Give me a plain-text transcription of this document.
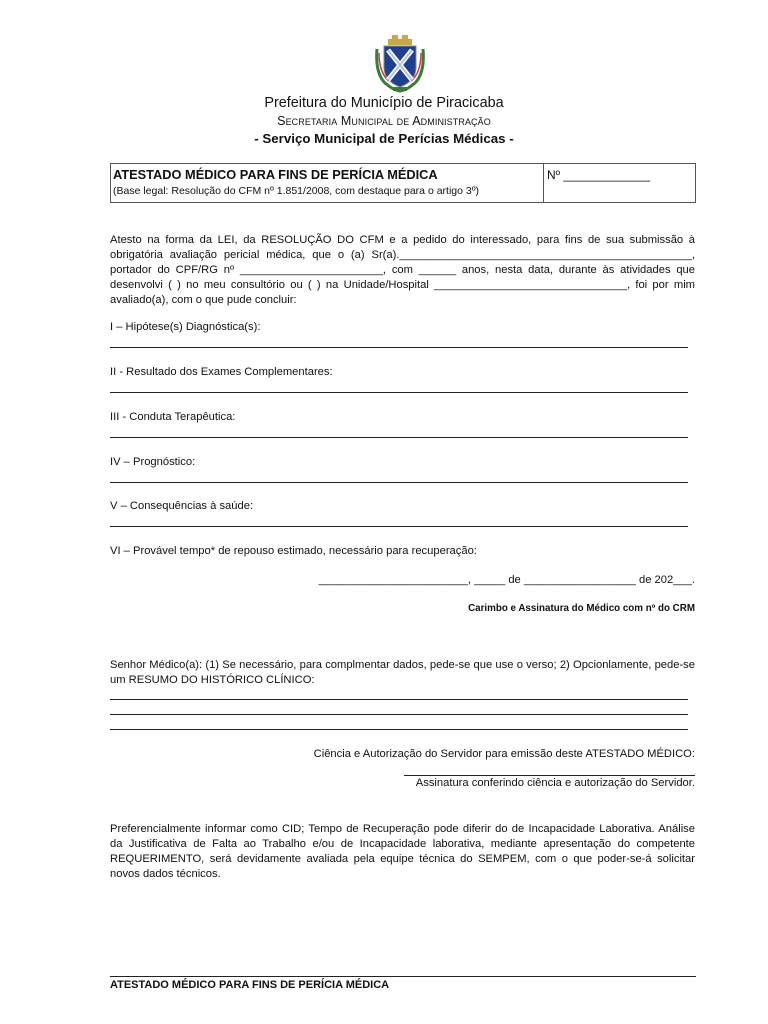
Prefeitura do Município de Piracicaba
Secretaria Municipal de Administração
- Serviço Municipal de Perícias Médicas -
ATESTADO MÉDICO PARA FINS DE PERÍCIA MÉDICA
(Base legal: Resolução do CFM nº 1.851/2008, com destaque para o artigo 3º)
Nº _____________
Atesto na forma da LEI, da RESOLUÇÃO DO CFM e a pedido do interessado, para fins de sua submissão à obrigatória avaliação pericial médica, que o (a) Sr(a)._______________________________________________, portador do CPF/RG nº _______________________, com ______ anos, nesta data, durante às atividades que desenvolvi ( ) no meu consultório ou ( ) na Unidade/Hospital _______________________________, foi por mim avaliado(a), com o que pude concluir:
I – Hipótese(s) Diagnóstica(s):
II - Resultado dos Exames Complementares:
III - Conduta Terapêutica:
IV – Prognóstico:
V – Consequências à saúde:
VI – Provável tempo* de repouso estimado, necessário para recuperação:
________________________, _____ de __________________ de 202___.
Carimbo e Assinatura do Médico com nº do CRM
Senhor Médico(a): (1) Se necessário, para complmentar dados, pede-se que use o verso; 2) Opcionlamente, pede-se um RESUMO DO HISTÓRICO CLÍNICO:
Ciência e Autorização do Servidor para emissão deste ATESTADO MÉDICO:
Assinatura conferindo ciência e autorização do Servidor.
Preferencialmente informar como CID; Tempo de Recuperação pode diferir do de Incapacidade Laborativa. Análise da Justificativa de Falta ao Trabalho e/ou de Incapacidade laborativa, mediante apresentação do competente REQUERIMENTO, será devidamente avaliada pela equipe técnica do SEMPEM, com o que poder-se-á solicitar novos dados técnicos.
ATESTADO MÉDICO PARA FINS DE PERÍCIA MÉDICA
